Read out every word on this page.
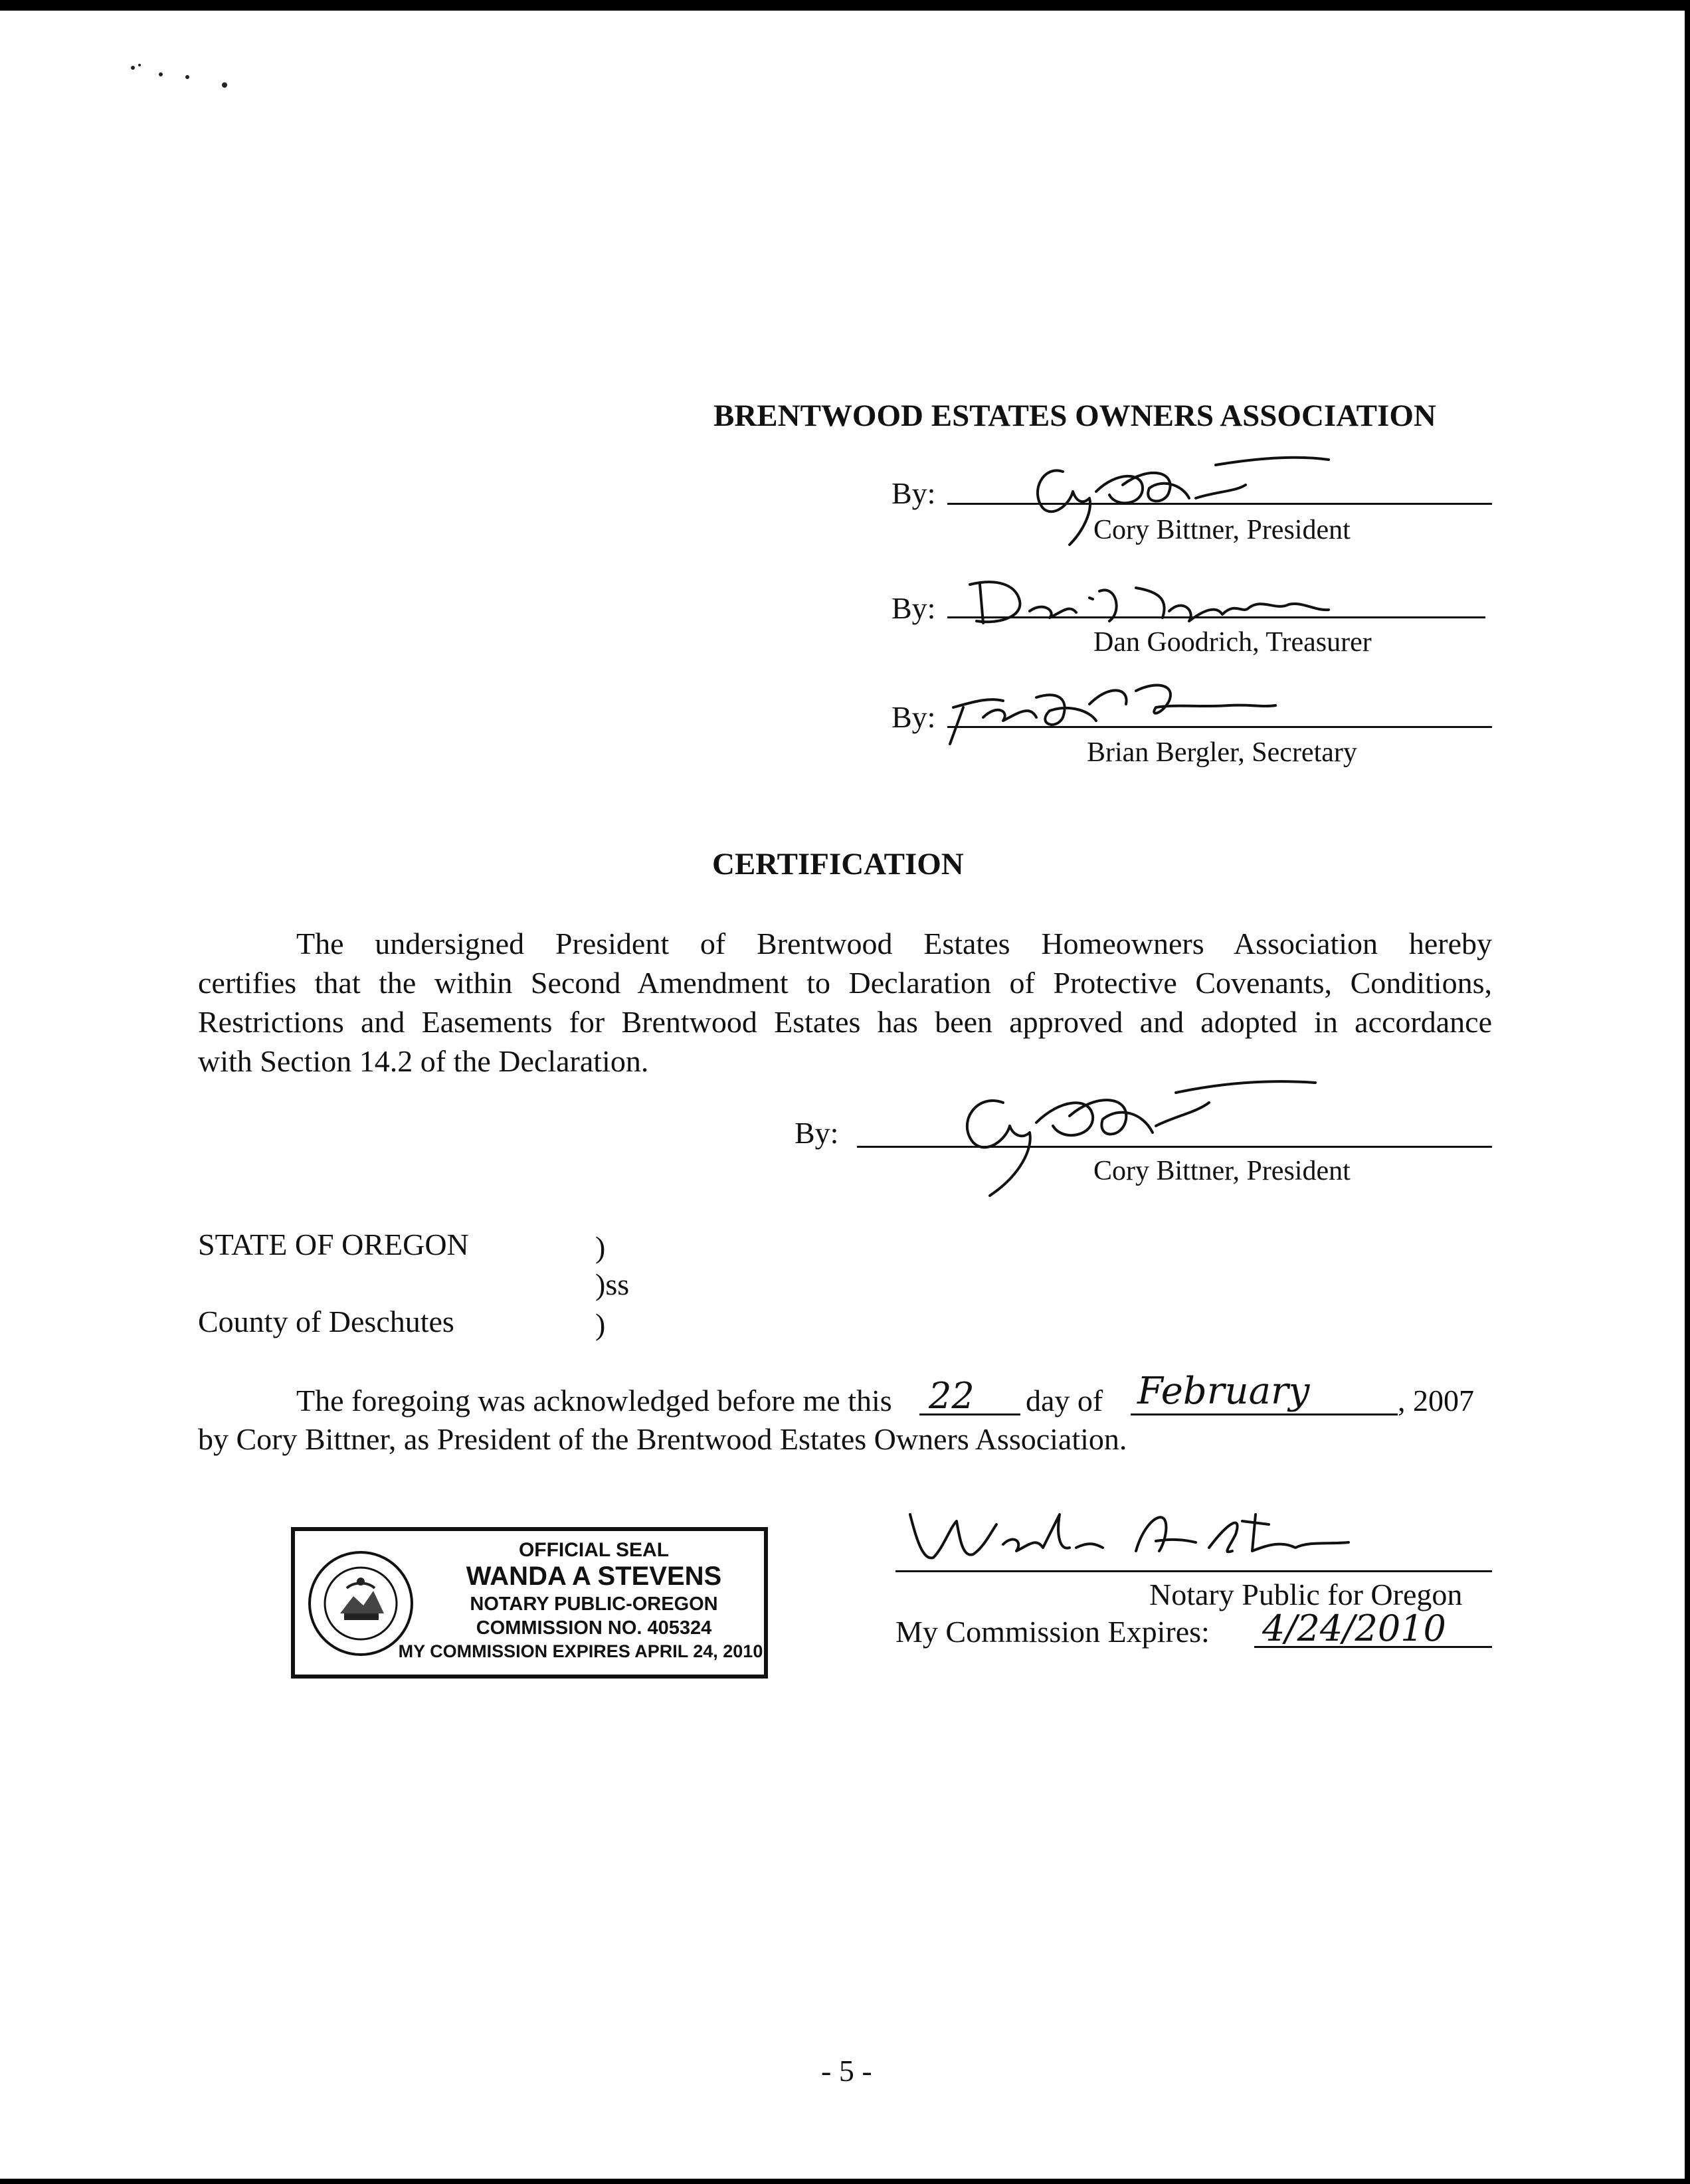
BRENTWOOD ESTATES OWNERS ASSOCIATION
By:
Cory Bittner, President
By:
Dan Goodrich, Treasurer
By:
Brian Bergler, Secretary
CERTIFICATION
The undersigned President of Brentwood Estates Homeowners Association hereby
certifies that the within Second Amendment to Declaration of Protective Covenants, Conditions,
Restrictions and Easements for Brentwood Estates has been approved and adopted in accordance
with Section 14.2 of the Declaration.
By:
Cory Bittner, President
STATE OF OREGON	)
)ss
County of Deschutes	)
The foregoing was acknowledged before me this 22 day of February	, 2007
by Cory Bittner, as President of the Brentwood Estates Owners Association.
OFFICIAL SEAL
WANDA A STEVENS
NOTARY PUBLIC-OREGON
COMMISSION NO. 405324
MY COMMISSION EXPIRES APRIL 24, 2010
Notary Public for Oregon
My Commission Expires: 4/24/2010
- 5 -
